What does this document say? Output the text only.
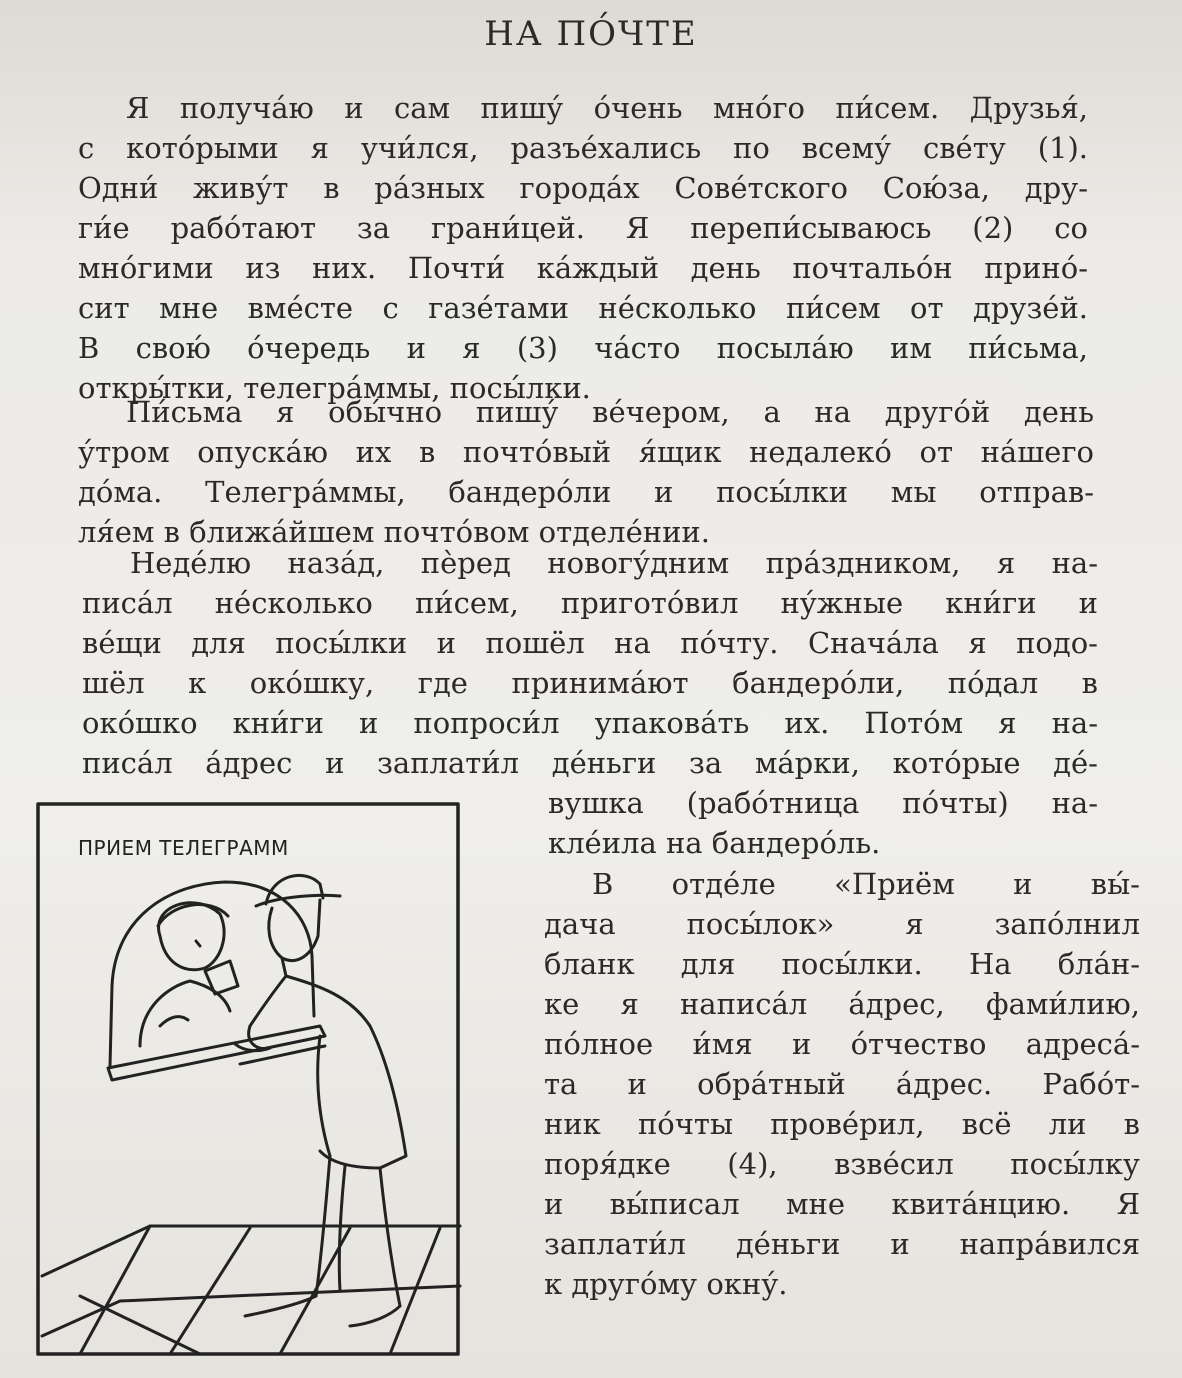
НА ПО́ЧТЕ

Я получа́ю и сам пишу́ о́чень мно́го пи́сем. Друзья́,
с кото́рыми я учи́лся, разъе́хались по всему́ све́ту (1).
Одни́ живу́т в ра́зных города́х Сове́тского Сою́за, дру-
ги́е рабо́тают за грани́цей. Я перепи́сываюсь (2) со
мно́гими из них. Почти́ ка́ждый день почтальо́н прино́-
сит мне вме́сте с газе́тами не́сколько пи́сем от друзе́й.
В свою́ о́чередь и я (3) ча́сто посыла́ю им пи́сьма,
откры́тки, телегра́ммы, посы́лки.

Пи́сьма я обы́чно пишу́ ве́чером, а на друго́й день
у́тром опуска́ю их в почто́вый я́щик недалеко́ от на́шего
до́ма. Телегра́ммы, бандеро́ли и посы́лки мы отправ-
ля́ем в ближа́йшем почто́вом отделе́нии.

Неде́лю наза́д, пѐред новогу́дним пра́здником, я на-
писа́л не́сколько пи́сем, пригото́вил ну́жные кни́ги и
ве́щи для посы́лки и пошёл на по́чту. Снача́ла я подо-
шёл к око́шку, где принима́ют бандеро́ли, по́дал в
око́шко кни́ги и попроси́л упакова́ть их. Пото́м я на-
писа́л а́дрес и заплати́л де́ньги за ма́рки, кото́рые де́-

вушка (рабо́тница по́чты) на-
кле́ила на бандеро́ль.

В отде́ле «Приём и вы́-
дача посы́лок» я запо́лнил
бланк для посы́лки. На бла́н-
ке я написа́л а́дрес, фами́лию,
по́лное и́мя и о́тчество адреса́-
та и обра́тный а́дрес. Рабо́т-
ник по́чты прове́рил, всё ли в
поря́дке (4), взве́сил посы́лку
и вы́писал мне квита́нцию. Я
заплати́л де́ньги и напра́вился
к друго́му окну́.

ПРИЕМ ТЕЛЕГРАММ
